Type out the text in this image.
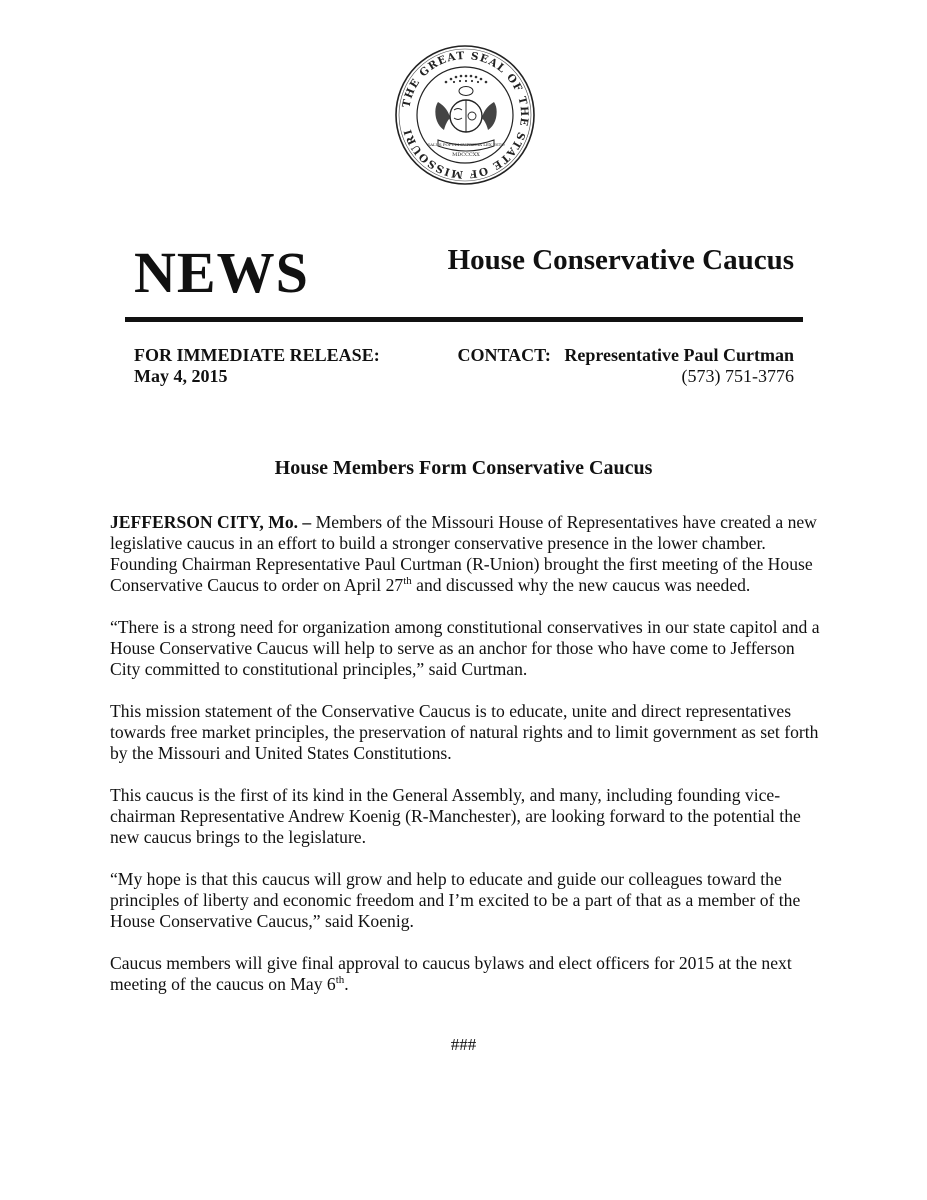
THE GREAT SEAL OF THE STATE OF MISSOURI
SALUS POPULI SUPREMA LEX ESTO
MDCCCXX
NEWS	House Conservative Caucus
FOR IMMEDIATE RELEASE:
May 4, 2015
CONTACT: Representative Paul Curtman
(573) 751-3776
House Members Form Conservative Caucus

JEFFERSON CITY, Mo. – Members of the Missouri House of Representatives have created a new legislative caucus in an effort to build a stronger conservative presence in the lower chamber. Founding Chairman Representative Paul Curtman (R-Union) brought the first meeting of the House Conservative Caucus to order on April 27th and discussed why the new caucus was needed.

“There is a strong need for organization among constitutional conservatives in our state capitol and a House Conservative Caucus will help to serve as an anchor for those who have come to Jefferson City committed to constitutional principles,” said Curtman.

This mission statement of the Conservative Caucus is to educate, unite and direct representatives towards free market principles, the preservation of natural rights and to limit government as set forth by the Missouri and United States Constitutions.

This caucus is the first of its kind in the General Assembly, and many, including founding vice-chairman Representative Andrew Koenig (R-Manchester), are looking forward to the potential the new caucus brings to the legislature.

“My hope is that this caucus will grow and help to educate and guide our colleagues toward the principles of liberty and economic freedom and I’m excited to be a part of that as a member of the House Conservative Caucus,” said Koenig.

Caucus members will give final approval to caucus bylaws and elect officers for 2015 at the next meeting of the caucus on May 6th.

###
